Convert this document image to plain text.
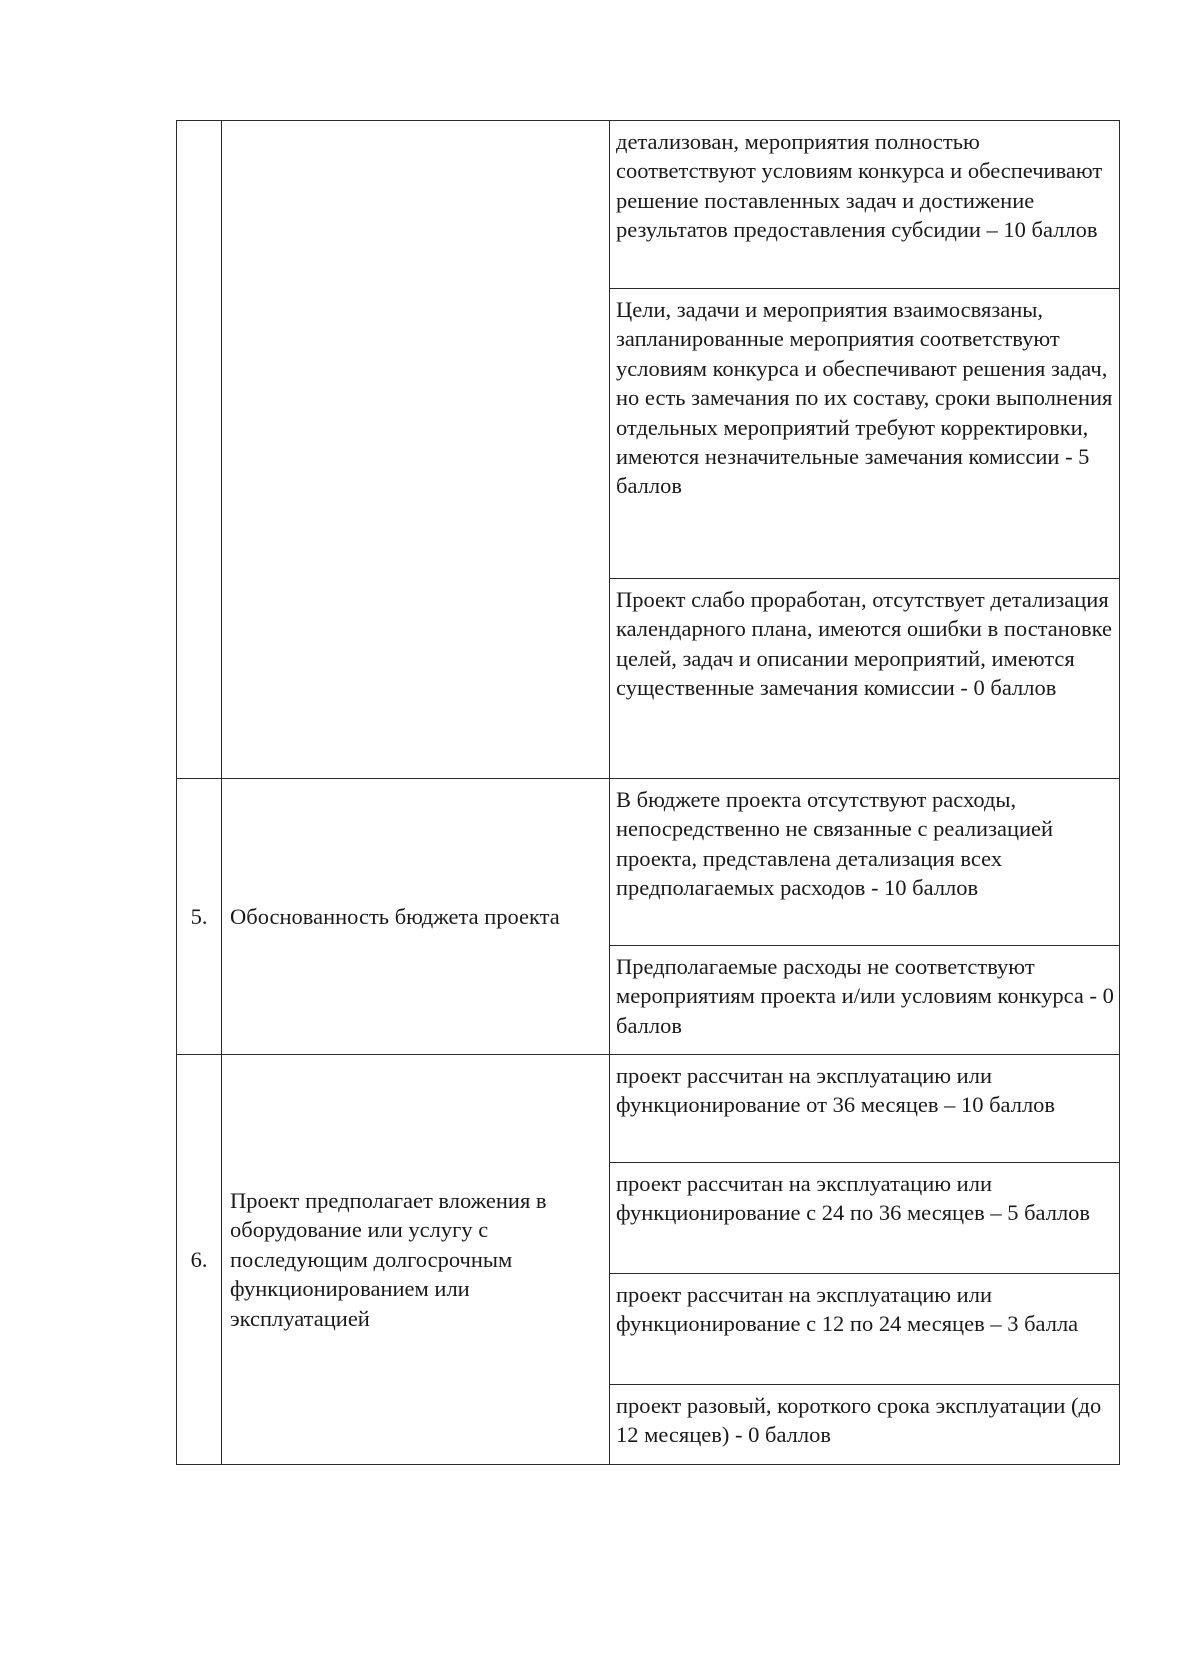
		детализован, мероприятия полностью соответствуют условиям конкурса и обеспечивают решение поставленных задач и достижение результатов предоставления субсидии – 10 баллов
		Цели, задачи и мероприятия взаимосвязаны, запланированные мероприятия соответствуют условиям конкурса и обеспечивают решения задач, но есть замечания по их составу, сроки выполнения отдельных мероприятий требуют корректировки, имеются незначительные замечания комиссии - 5 баллов
		Проект слабо проработан, отсутствует детализация календарного плана, имеются ошибки в постановке целей, задач и описании мероприятий, имеются существенные замечания комиссии - 0 баллов
5.	Обоснованность бюджета проекта	В бюджете проекта отсутствуют расходы, непосредственно не связанные с реализацией проекта, представлена детализация всех предполагаемых расходов - 10 баллов
		Предполагаемые расходы не соответствуют мероприятиям проекта и/или условиям конкурса - 0 баллов
6.	Проект предполагает вложения в оборудование или услугу с последующим долгосрочным функционированием или эксплуатацией	проект рассчитан на эксплуатацию или функционирование от 36 месяцев – 10 баллов
		проект рассчитан на эксплуатацию или функционирование с 24 по 36 месяцев – 5 баллов
		проект рассчитан на эксплуатацию или функционирование с 12 по 24 месяцев – 3 балла
		проект разовый, короткого срока эксплуатации (до 12 месяцев) - 0 баллов
